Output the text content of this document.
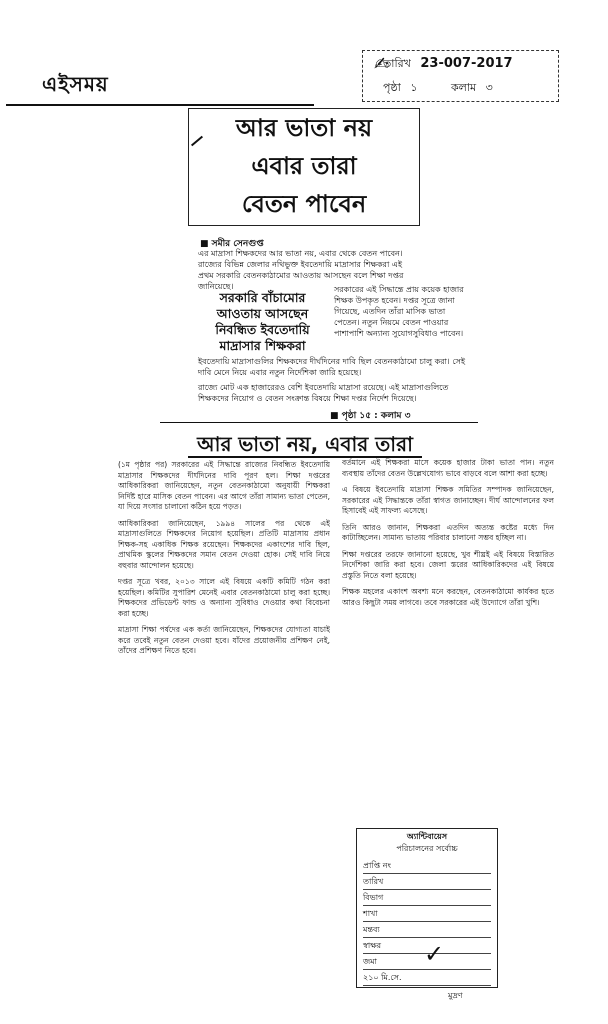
এইসময়
✍
তারিখ 23-007-2017
পৃষ্ঠা ১	কলাম ৩
আর ভাতা নয়
এবার তারা
বেতন পাবেন
■ সমীর সেনগুপ্ত
এর মাদ্রাসা শিক্ষকদের আর ভাতা নয়, এবার থেকে বেতন পাবেন। রাজ্যের বিভিন্ন জেলার নথিভুক্ত ইবতেদায়ি মাদ্রাসার শিক্ষকরা এই প্রথম সরকারি বেতনকাঠামোর আওতায় আসছেন বলে শিক্ষা দপ্তর জানিয়েছে।
সরকারি বাঁচামোর আওতায় আসছেন নিবন্ধিত ইবতেদায়ি মাদ্রাসার শিক্ষকরা
সরকারের এই সিদ্ধান্তে প্রায় কয়েক হাজার শিক্ষক উপকৃত হবেন। দপ্তর সূত্রে জানা গিয়েছে, এতদিন তাঁরা মাসিক ভাতা পেতেন। নতুন নিয়মে বেতন পাওয়ার পাশাপাশি অন্যান্য সুযোগসুবিধাও পাবেন।
ইবতেদায়ি মাদ্রাসাগুলির শিক্ষকদের দীর্ঘদিনের দাবি ছিল বেতনকাঠামো চালু করা। সেই দাবি মেনে নিয়ে এবার নতুন নির্দেশিকা জারি হয়েছে।
রাজ্যে মোট এক হাজারেরও বেশি ইবতেদায়ি মাদ্রাসা রয়েছে। এই মাদ্রাসাগুলিতে শিক্ষকদের নিয়োগ ও বেতন সংক্রান্ত বিষয়ে শিক্ষা দপ্তর নির্দেশ দিয়েছে।
■ পৃষ্ঠা ১৫ : কলাম ৩
আর ভাতা নয়, এবার তারা

(১ম পৃষ্ঠার পর) সরকারের এই সিদ্ধান্তে রাজ্যের নিবন্ধিত ইবতেদায়ি মাদ্রাসার শিক্ষকদের দীর্ঘদিনের দাবি পূরণ হল। শিক্ষা দপ্তরের আধিকারিকরা জানিয়েছেন, নতুন বেতনকাঠামো অনুযায়ী শিক্ষকরা নির্দিষ্ট হারে মাসিক বেতন পাবেন। এর আগে তাঁরা সামান্য ভাতা পেতেন, যা দিয়ে সংসার চালানো কঠিন হয়ে পড়ত।

আধিকারিকরা জানিয়েছেন, ১৯৯৪ সালের পর থেকে এই মাদ্রাসাগুলিতে শিক্ষকদের নিয়োগ হয়েছিল। প্রতিটি মাদ্রাসায় প্রধান শিক্ষক-সহ একাধিক শিক্ষক রয়েছেন। শিক্ষকদের একাংশের দাবি ছিল, প্রাথমিক স্কুলের শিক্ষকদের সমান বেতন দেওয়া হোক। সেই দাবি নিয়ে বহুবার আন্দোলন হয়েছে।

দপ্তর সূত্রে খবর, ২০১৩ সালে এই বিষয়ে একটি কমিটি গঠন করা হয়েছিল। কমিটির সুপারিশ মেনেই এবার বেতনকাঠামো চালু করা হচ্ছে। শিক্ষকদের প্রভিডেন্ট ফান্ড ও অন্যান্য সুবিধাও দেওয়ার কথা বিবেচনা করা হচ্ছে।

মাদ্রাসা শিক্ষা পর্ষদের এক কর্তা জানিয়েছেন, শিক্ষকদের যোগ্যতা যাচাই করে তবেই নতুন বেতন দেওয়া হবে। যাঁদের প্রয়োজনীয় প্রশিক্ষণ নেই, তাঁদের প্রশিক্ষণ নিতে হবে।

বর্তমানে এই শিক্ষকরা মাসে কয়েক হাজার টাকা ভাতা পান। নতুন ব্যবস্থায় তাঁদের বেতন উল্লেখযোগ্য ভাবে বাড়বে বলে আশা করা হচ্ছে।

এ বিষয়ে ইবতেদায়ি মাদ্রাসা শিক্ষক সমিতির সম্পাদক জানিয়েছেন, সরকারের এই সিদ্ধান্তকে তাঁরা স্বাগত জানাচ্ছেন। দীর্ঘ আন্দোলনের ফল হিসাবেই এই সাফল্য এসেছে।

তিনি আরও জানান, শিক্ষকরা এতদিন অত্যন্ত কষ্টের মধ্যে দিন কাটাচ্ছিলেন। সামান্য ভাতায় পরিবার চালানো সম্ভব হচ্ছিল না।

শিক্ষা দপ্তরের তরফে জানানো হয়েছে, খুব শীঘ্রই এই বিষয়ে বিস্তারিত নির্দেশিকা জারি করা হবে। জেলা স্তরের আধিকারিকদের এই বিষয়ে প্রস্তুতি নিতে বলা হয়েছে।

শিক্ষক মহলের একাংশ অবশ্য মনে করছেন, বেতনকাঠামো কার্যকর হতে আরও কিছুটা সময় লাগবে। তবে সরকারের এই উদ্যোগে তাঁরা খুশি।

অ্যান্টিবায়েস
পরিচালনের সর্বোচ্চ
প্রাপ্তি নং
তারিখ
বিভাগ
শাখা
মন্তব্য
স্বাক্ষর
জমা
২১০ মি.সে.
✓
মুদ্রণ
